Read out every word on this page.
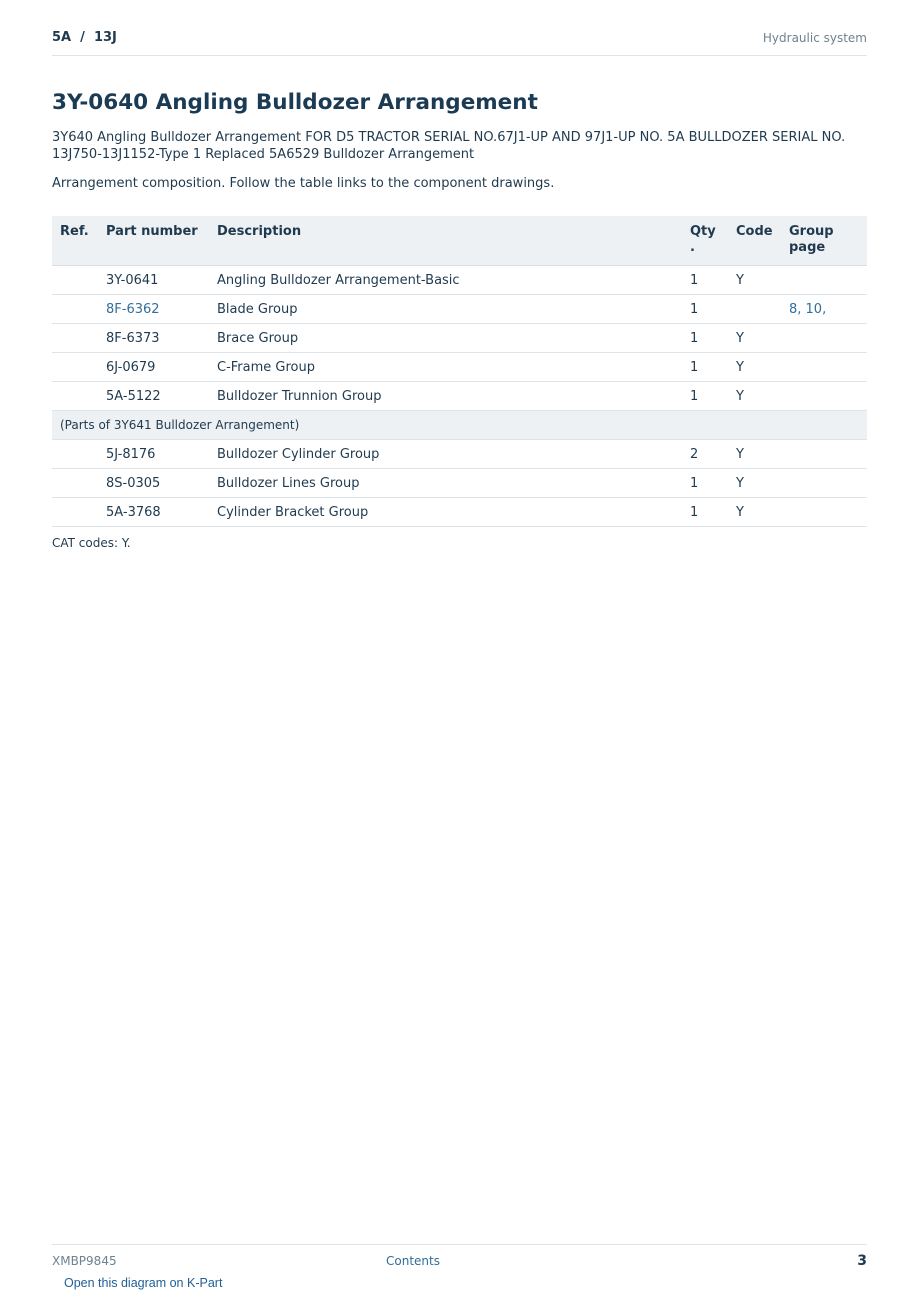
5A  /  13J	Hydraulic system
3Y-0640 Angling Bulldozer Arrangement

3Y640 Angling Bulldozer Arrangement FOR D5 TRACTOR SERIAL NO.67J1-UP AND 97J1-UP NO. 5A BULLDOZER SERIAL NO. 13J750-13J1152-Type 1 Replaced 5A6529 Bulldozer Arrangement

Arrangement composition. Follow the table links to the component drawings.

Ref.	Part number	Description	Qty .	Code	Group page
	3Y-0641	Angling Bulldozer Arrangement-Basic	1	Y	
	8F-6362	Blade Group	1		8, 10,
	8F-6373	Brace Group	1	Y	
	6J-0679	C-Frame Group	1	Y	
	5A-5122	Bulldozer Trunnion Group	1	Y	
(Parts of 3Y641 Bulldozer Arrangement)					
	5J-8176	Bulldozer Cylinder Group	2	Y	
	8S-0305	Bulldozer Lines Group	1	Y	
	5A-3768	Cylinder Bracket Group	1	Y	

CAT codes: Y.

XMBP9845	Contents	3
Open this diagram on K-Part
